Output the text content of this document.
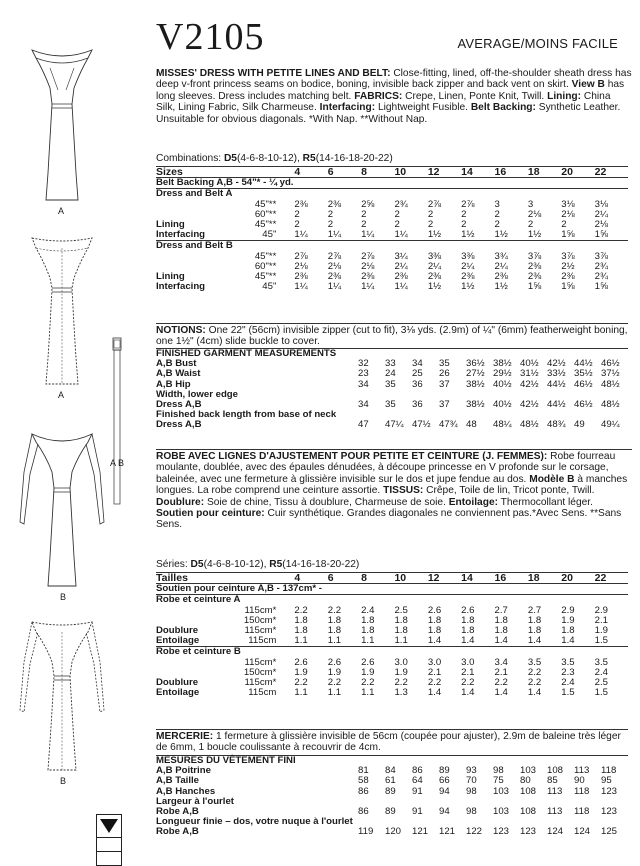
A
A
A B
B
B
V2105	AVERAGE/MOINS FACILE
MISSES' DRESS WITH PETITE LINES AND BELT: Close-fitting, lined, off-the-shoulder sheath dress has deep v-front princess seams on bodice, boning, invisible back zipper and back vent on skirt. View B has long sleeves. Dress includes matching belt. FABRICS: Crepe, Linen, Ponte Knit, Twill. Lining: China Silk, Lining Fabric, Silk Charmeuse. Interfacing: Lightweight Fusible. Belt Backing: Synthetic Leather. Unsuitable for obvious diagonals. *With Nap. **Without Nap.
Combinations: D5(4-6-8-10-12), R5(14-16-18-20-22)
Sizes		4	6	8	10	12	14	16	18	20	22
Belt Backing A,B - 54"* - ¼ yd.											
Dress and Belt A											
	45"**	2⅜	2⅜	2⅝	2¾	2⅞	2⅞	3	3	3⅛	3⅛
	60"**	2	2	2	2	2	2	2	2⅛	2⅛	2¼
Lining	45"**	2	2	2	2	2	2	2	2	2	2⅛
Interfacing	45"	1¼	1¼	1¼	1¼	1½	1½	1½	1½	1⅝	1⅝
Dress and Belt B											
	45"**	2⅞	2⅞	2⅞	3¼	3⅜	3⅜	3¾	3⅞	3⅞	3⅞
	60"**	2⅛	2⅛	2⅛	2¼	2¼	2¼	2¼	2⅜	2½	2¾
Lining	45"**	2⅜	2⅜	2⅜	2⅜	2⅜	2⅜	2⅜	2⅜	2⅜	2¾
Interfacing	45"	1¼	1¼	1¼	1¼	1½	1½	1½	1⅝	1⅝	1⅝
NOTIONS: One 22" (56cm) invisible zipper (cut to fit), 3⅛ yds. (2.9m) of ¼" (6mm) featherweight boning, one 1½" (4cm) slide buckle to cover.
FINISHED GARMENT MEASUREMENTS										
A,B Bust	32	33	34	35	36½	38½	40½	42½	44½	46½
A,B Waist	23	24	25	26	27½	29½	31½	33½	35½	37½
A,B Hip	34	35	36	37	38½	40½	42½	44½	46½	48½
Width, lower edge										
Dress A,B	34	35	36	37	38½	40½	42½	44½	46½	48½
Finished back length from base of neck										
Dress A,B	47	47¼	47½	47¾	48	48¼	48½	48¾	49	49¼
ROBE AVEC LIGNES D'AJUSTEMENT POUR PETITE ET CEINTURE (J. FEMMES): Robe fourreau moulante, doublée, avec des épaules dénudées, à découpe princesse en V profonde sur le corsage, baleinée, avec une fermeture à glissière invisible sur le dos et jupe fendue au dos. Modèle B à manches longues. La robe comprend une ceinture assortie. TISSUS: Crêpe, Toile de lin, Tricot ponte, Twill. Doublure: Soie de chine, Tissu à doublure, Charmeuse de soie. Entoilage: Thermocollant léger. Soutien pour ceinture: Cuir synthétique. Grandes diagonales ne conviennent pas.*Avec Sens. **Sans Sens.
Séries: D5(4-6-8-10-12), R5(14-16-18-20-22)
Tailles		4	6	8	10	12	14	16	18	20	22
Soutien pour ceinture A,B - 137cm* -											
Robe et ceinture A											
	115cm*	2.2	2.2	2.4	2.5	2.6	2.6	2.7	2.7	2.9	2.9
	150cm*	1.8	1.8	1.8	1.8	1.8	1.8	1.8	1.8	1.9	2.1
Doublure	115cm*	1.8	1.8	1.8	1.8	1.8	1.8	1.8	1.8	1.8	1.9
Entoilage	115cm	1.1	1.1	1.1	1.1	1.4	1.4	1.4	1.4	1.4	1.5
Robe et ceinture B											
	115cm*	2.6	2.6	2.6	3.0	3.0	3.0	3.4	3.5	3.5	3.5
	150cm*	1.9	1.9	1.9	1.9	2.1	2.1	2.1	2.2	2.3	2.4
Doublure	115cm*	2.2	2.2	2.2	2.2	2.2	2.2	2.2	2.2	2.4	2.5
Entoilage	115cm	1.1	1.1	1.1	1.3	1.4	1.4	1.4	1.4	1.5	1.5
MERCERIE: 1 fermeture à glissière invisible de 56cm (coupée pour ajuster), 2.9m de baleine très léger de 6mm, 1 boucle coulissante à recouvrir de 4cm.
MESURES DU VÊTEMENT FINI										
A,B Poitrine	81	84	86	89	93	98	103	108	113	118
A,B Taille	58	61	64	66	70	75	80	85	90	95
A,B Hanches	86	89	91	94	98	103	108	113	118	123
Largeur à l'ourlet										
Robe A,B	86	89	91	94	98	103	108	113	118	123
Longueur finie – dos, votre nuque à l'ourlet										
Robe A,B	119	120	121	121	122	123	123	124	124	125
